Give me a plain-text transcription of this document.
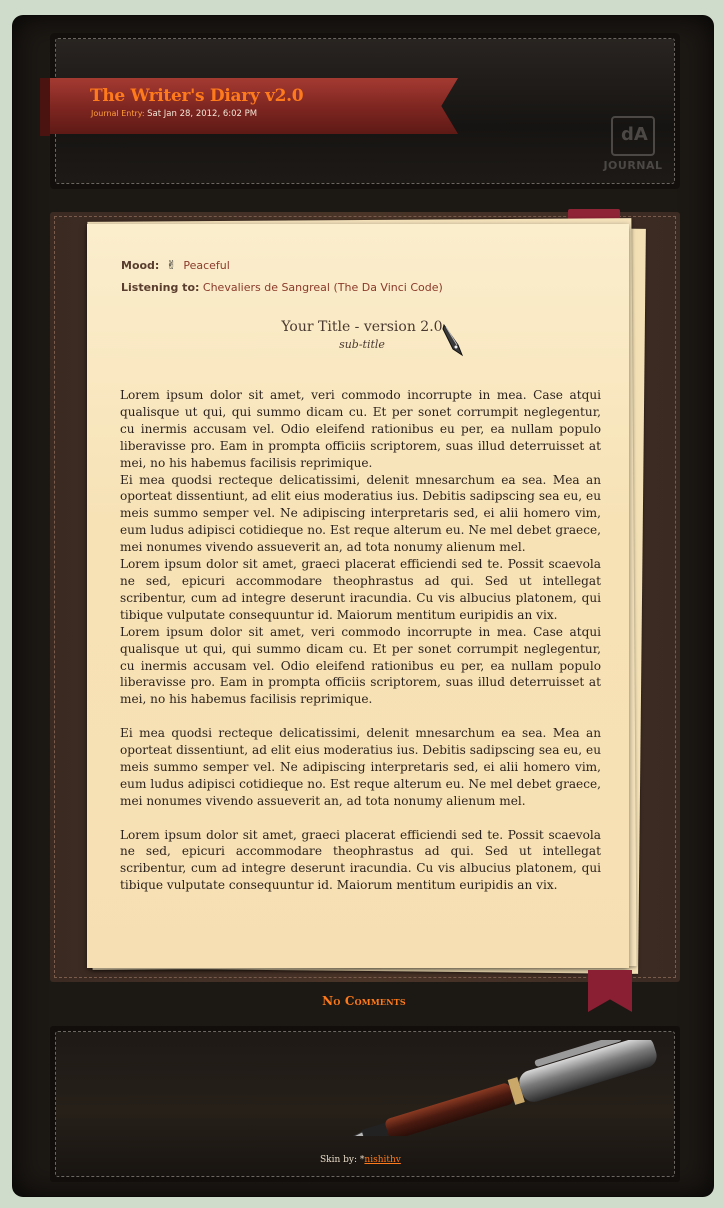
The Writer's Diary v2.0
Journal Entry: Sat Jan 28, 2012, 6:02 PM
dA
JOURNAL
Mood: ✌ Peaceful
Listening to: Chevaliers de Sangreal (The Da Vinci Code)
Your Title - version 2.0
sub-title

Lorem ipsum dolor sit amet, veri commodo incorrupte in mea. Case atqui qualisque ut qui, qui summo dicam cu. Et per sonet corrumpit neglegentur, cu inermis accusam vel. Odio eleifend rationibus eu per, ea nullam populo liberavisse pro. Eam in prompta officiis scriptorem, suas illud deterruisset at mei, no his habemus facilisis reprimique.

Ei mea quodsi recteque delicatissimi, delenit mnesarchum ea sea. Mea an oporteat dissentiunt, ad elit eius moderatius ius. Debitis sadipscing sea eu, eu meis summo semper vel. Ne adipiscing interpretaris sed, ei alii homero vim, eum ludus adipisci cotidieque no. Est reque alterum eu. Ne mel debet graece, mei nonumes vivendo assueverit an, ad tota nonumy alienum mel.

Lorem ipsum dolor sit amet, graeci placerat efficiendi sed te. Possit scaevola ne sed, epicuri accommodare theophrastus ad qui. Sed ut intellegat scribentur, cum ad integre deserunt iracundia. Cu vis albucius platonem, qui tibique vulputate consequuntur id. Maiorum mentitum euripidis an vix.

Lorem ipsum dolor sit amet, veri commodo incorrupte in mea. Case atqui qualisque ut qui, qui summo dicam cu. Et per sonet corrumpit neglegentur, cu inermis accusam vel. Odio eleifend rationibus eu per, ea nullam populo liberavisse pro. Eam in prompta officiis scriptorem, suas illud deterruisset at mei, no his habemus facilisis reprimique.

Ei mea quodsi recteque delicatissimi, delenit mnesarchum ea sea. Mea an oporteat dissentiunt, ad elit eius moderatius ius. Debitis sadipscing sea eu, eu meis summo semper vel. Ne adipiscing interpretaris sed, ei alii homero vim, eum ludus adipisci cotidieque no. Est reque alterum eu. Ne mel debet graece, mei nonumes vivendo assueverit an, ad tota nonumy alienum mel.

Lorem ipsum dolor sit amet, graeci placerat efficiendi sed te. Possit scaevola ne sed, epicuri accommodare theophrastus ad qui. Sed ut intellegat scribentur, cum ad integre deserunt iracundia. Cu vis albucius platonem, qui tibique vulputate consequuntur id. Maiorum mentitum euripidis an vix.

No Comments
Skin by: *nishithv
